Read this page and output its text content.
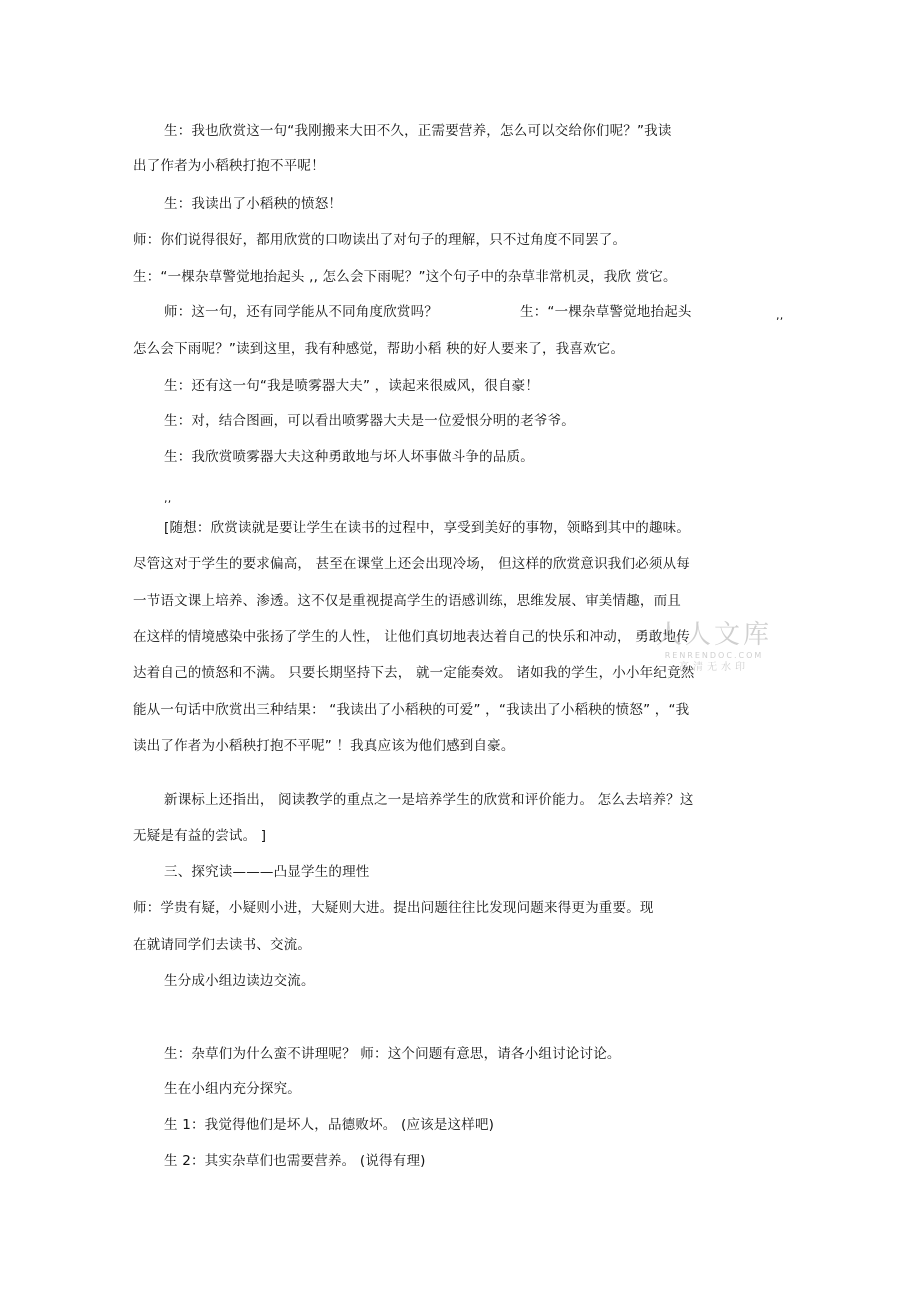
生：我也欣赏这一句“我刚搬来大田不久，正需要营养，怎么可以交给你们呢？”我读
出了作者为小稻秧打抱不平呢！
生：我读出了小稻秧的愤怒！
师：你们说得很好，都用欣赏的口吻读出了对句子的理解，只不过角度不同罢了。
生：“一棵杂草警觉地抬起头 ,, 怎么会下雨呢？”这个句子中的杂草非常机灵，我欣 赏它。
师：这一句，还有同学能从不同角度欣赏吗？	生：“一棵杂草警觉地抬起头	,,
怎么会下雨呢？”读到这里，我有种感觉，帮助小稻 秧的好人要来了，我喜欢它。
生：还有这一句“我是喷雾器大夫” ，读起来很威风，很自豪！
生：对，结合图画，可以看出喷雾器大夫是一位爱恨分明的老爷爷。
生：我欣赏喷雾器大夫这种勇敢地与坏人坏事做斗争的品质。
,,
[随想：欣赏读就是要让学生在读书的过程中，享受到美好的事物，领略到其中的趣味。
尽管这对于学生的要求偏高， 甚至在课堂上还会出现冷场， 但这样的欣赏意识我们必须从每
一节语文课上培养、渗透。这不仅是重视提高学生的语感训练，思维发展、审美情趣，而且
在这样的情境感染中张扬了学生的人性， 让他们真切地表达着自己的快乐和冲动， 勇敢地传
达着自己的愤怒和不满。 只要长期坚持下去， 就一定能奏效。 诸如我的学生，小小年纪竟然
能从一句话中欣赏出三种结果： “我读出了小稻秧的可爱” ，“我读出了小稻秧的愤怒” ，“我
读出了作者为小稻秧打抱不平呢” ！我真应该为他们感到自豪。
新课标上还指出， 阅读教学的重点之一是培养学生的欣赏和评价能力。 怎么去培养？这
无疑是有益的尝试。 ]
三、探究读———凸显学生的理性
师：学贵有疑，小疑则小进，大疑则大进。提出问题往往比发现问题来得更为重要。现
在就请同学们去读书、交流。
生分成小组边读边交流。
生：杂草们为什么蛮不讲理呢？ 师：这个问题有意思，请各小组讨论讨论。
生在小组内充分探究。
生 1：我觉得他们是坏人，品德败坏。 (应该是这样吧)
生 2：其实杂草们也需要营养。 (说得有理)
人人文库
RENRENDOC.COM
高清无水印
